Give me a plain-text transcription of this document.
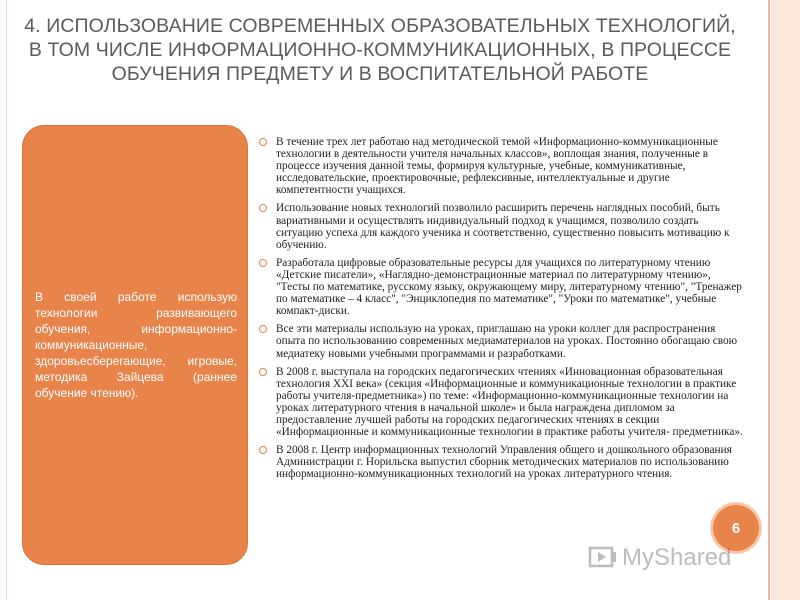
4. ИСПОЛЬЗОВАНИЕ СОВРЕМЕННЫХ ОБРАЗОВАТЕЛЬНЫХ ТЕХНОЛОГИЙ, В ТОМ ЧИСЛЕ ИНФОРМАЦИОННО-КОММУНИКАЦИОННЫХ, В ПРОЦЕССЕ ОБУЧЕНИЯ ПРЕДМЕТУ И В ВОСПИТАТЕЛЬНОЙ РАБОТЕ
В своей работе использую технологии развивающего обучения, информационно-коммуникационные, здоровьесберегающие, игровые, методика Зайцева (раннее обучение чтению).
В течение трех лет работаю над методической темой «Информационно-коммуникационные технологии в деятельности учителя начальных классов», воплощая знания, полученные в процессе изучения данной темы, формируя культурные, учебные, коммуникативные, исследовательские, проектировочные, рефлексивные, интеллектуальные и другие компетентности учащихся.
Использование новых технологий позволило расширить перечень наглядных пособий, быть вариативными и осуществлять индивидуальный подход к учащимся, позволило создать ситуацию успеха для каждого ученика и соответственно, существенно повысить мотивацию к обучению.
Разработала цифровые образовательные ресурсы для учащихся по литературному чтению «Детские писатели», «Наглядно-демонстрационные материал по литературному чтению», "Тесты по математике, русскому языку, окружающему миру, литературному чтению", "Тренажер по математике – 4 класс", "Энциклопедия по математике", "Уроки по математике", учебные компакт-диски.
Все эти материалы использую на уроках, приглашаю на уроки коллег для распространения опыта по использованию современных медиаматериалов на уроках. Постоянно обогащаю свою медиатеку новыми учебными программами и разработками.
В 2008 г. выступала на городских педагогических чтениях «Инновационная образовательная технология XXI века» (секция «Информационные и коммуникационные технологии в практике работы учителя-предметника») по теме: «Информационно-коммуникационные технологии на уроках литературного чтения в начальной школе» и была награждена дипломом за предоставление лучшей работы на городских педагогических чтениях в секции «Информационные и коммуникационные технологии в практике работы учителя- предметника».
В 2008 г. Центр информационных технологий Управления общего и дошкольного образования Администрации г. Норильска выпустил сборник методических материалов по использованию информационно-коммуникационных технологий на уроках литературного чтения.
6
MyShared
